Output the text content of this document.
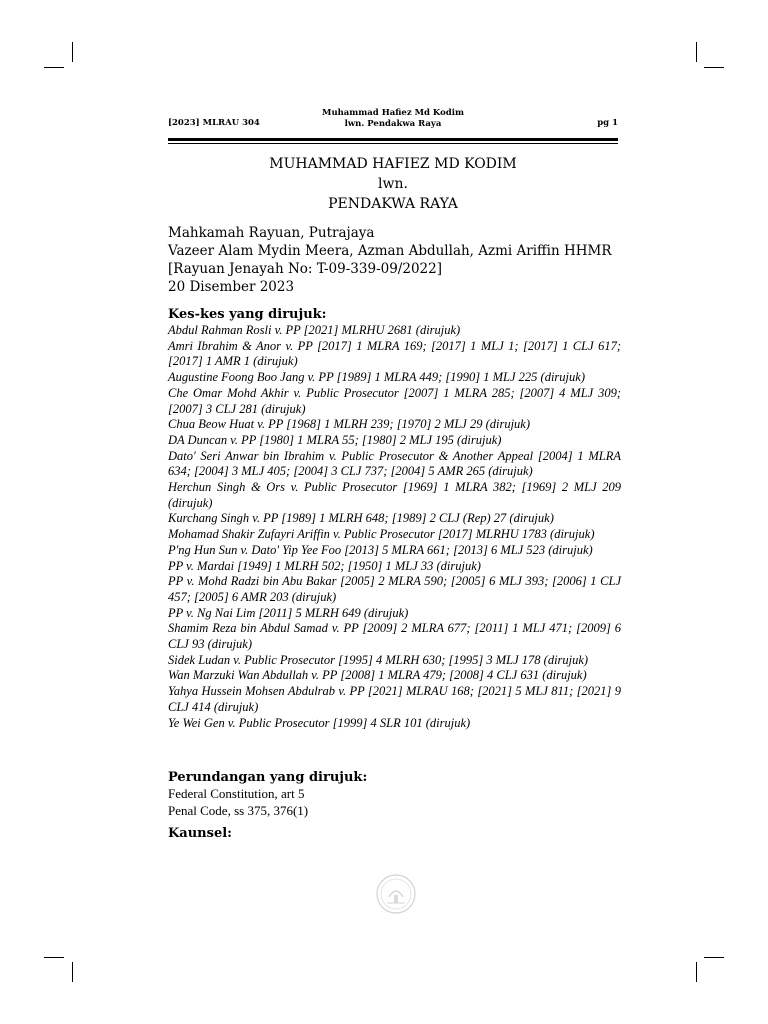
[2023] MLRAU 304
Muhammad Hafiez Md Kodim
lwn. Pendakwa Raya	pg 1
MUHAMMAD HAFIEZ MD KODIM
lwn.
PENDAKWA RAYA
Mahkamah Rayuan, Putrajaya
Vazeer Alam Mydin Meera, Azman Abdullah, Azmi Ariffin HHMR
[Rayuan Jenayah No: T-09-339-09/2022]
20 Disember 2023
Kes-kes yang dirujuk:
Abdul Rahman Rosli v. PP [2021] MLRHU 2681 (dirujuk)
Amri Ibrahim & Anor v. PP [2017] 1 MLRA 169; [2017] 1 MLJ 1; [2017] 1 CLJ 617; [2017] 1 AMR 1 (dirujuk)
Augustine Foong Boo Jang v. PP [1989] 1 MLRA 449; [1990] 1 MLJ 225 (dirujuk)
Che Omar Mohd Akhir v. Public Prosecutor [2007] 1 MLRA 285; [2007] 4 MLJ 309; [2007] 3 CLJ 281 (dirujuk)
Chua Beow Huat v. PP [1968] 1 MLRH 239; [1970] 2 MLJ 29 (dirujuk)
DA Duncan v. PP [1980] 1 MLRA 55; [1980] 2 MLJ 195 (dirujuk)
Dato' Seri Anwar bin Ibrahim v. Public Prosecutor & Another Appeal [2004] 1 MLRA 634; [2004] 3 MLJ 405; [2004] 3 CLJ 737; [2004] 5 AMR 265 (dirujuk)
Herchun Singh & Ors v. Public Prosecutor [1969] 1 MLRA 382; [1969] 2 MLJ 209 (dirujuk)
Kurchang Singh v. PP [1989] 1 MLRH 648; [1989] 2 CLJ (Rep) 27 (dirujuk)
Mohamad Shakir Zufayri Ariffin v. Public Prosecutor [2017] MLRHU 1783 (dirujuk)
P'ng Hun Sun v. Dato' Yip Yee Foo [2013] 5 MLRA 661; [2013] 6 MLJ 523 (dirujuk)
PP v. Mardai [1949] 1 MLRH 502; [1950] 1 MLJ 33 (dirujuk)
PP v. Mohd Radzi bin Abu Bakar [2005] 2 MLRA 590; [2005] 6 MLJ 393; [2006] 1 CLJ 457; [2005] 6 AMR 203 (dirujuk)
PP v. Ng Nai Lim [2011] 5 MLRH 649 (dirujuk)
Shamim Reza bin Abdul Samad v. PP [2009] 2 MLRA 677; [2011] 1 MLJ 471; [2009] 6 CLJ 93 (dirujuk)
Sidek Ludan v. Public Prosecutor [1995] 4 MLRH 630; [1995] 3 MLJ 178 (dirujuk)
Wan Marzuki Wan Abdullah v. PP [2008] 1 MLRA 479; [2008] 4 CLJ 631 (dirujuk)
Yahya Hussein Mohsen Abdulrab v. PP [2021] MLRAU 168; [2021] 5 MLJ 811; [2021] 9 CLJ 414 (dirujuk)
Ye Wei Gen v. Public Prosecutor [1999] 4 SLR 101 (dirujuk)
Perundangan yang dirujuk:
Federal Constitution, art 5
Penal Code, ss 375, 376(1)
Kaunsel:
